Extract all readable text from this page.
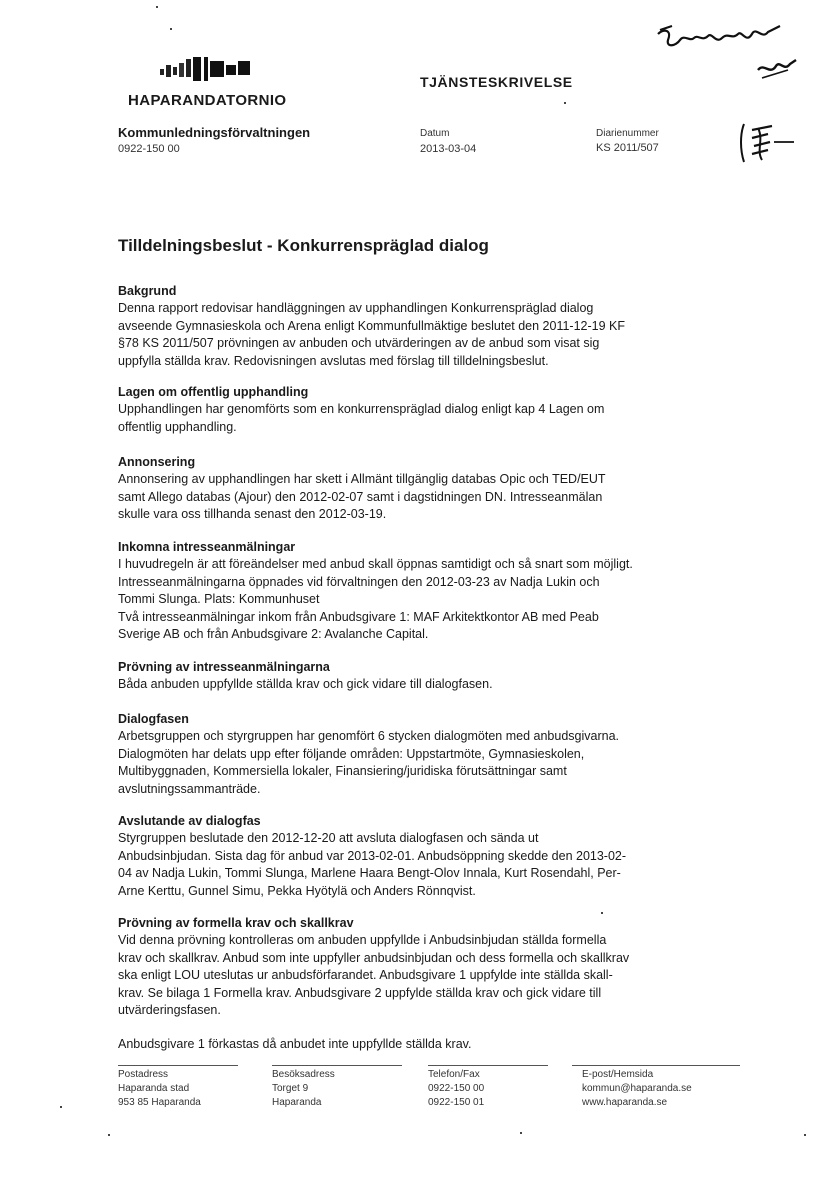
HAPARANDATORNIO
TJÄNSTESKRIVELSE
Kommunledningsförvaltningen
0922-150 00
Datum
2013-03-04
Diarienummer
KS 2011/507
Tilldelningsbeslut - Konkurrenspräglad dialog
Bakgrund

Denna rapport redovisar handläggningen av upphandlingen Konkurrenspräglad dialog
avseende Gymnasieskola och Arena enligt Kommunfullmäktige beslutet den 2011-12-19 KF
§78 KS 2011/507 prövningen av anbuden och utvärderingen av de anbud som visat sig
uppfylla ställda krav. Redovisningen avslutas med förslag till tilldelningsbeslut.

Lagen om offentlig upphandling

Upphandlingen har genomförts som en konkurrenspräglad dialog enligt kap 4 Lagen om
offentlig upphandling.

Annonsering

Annonsering av upphandlingen har skett i Allmänt tillgänglig databas Opic och TED/EUT
samt Allego databas (Ajour) den 2012-02-07 samt i dagstidningen DN. Intresseanmälan
skulle vara oss tillhanda senast den 2012-03-19.

Inkomna intresseanmälningar

I huvudregeln är att föreändelser med anbud skall öppnas samtidigt och så snart som möjligt.
Intresseanmälningarna öppnades vid förvaltningen den 2012-03-23 av Nadja Lukin och
Tommi Slunga. Plats: Kommunhuset
Två intresseanmälningar inkom från Anbudsgivare 1: MAF Arkitektkontor AB med Peab
Sverige AB och från Anbudsgivare 2: Avalanche Capital.

Prövning av intresseanmälningarna

Båda anbuden uppfyllde ställda krav och gick vidare till dialogfasen.

Dialogfasen

Arbetsgruppen och styrgruppen har genomfört 6 stycken dialogmöten med anbudsgivarna.
Dialogmöten har delats upp efter följande områden: Uppstartmöte, Gymnasieskolen,
Multibyggnaden, Kommersiella lokaler, Finansiering/juridiska förutsättningar samt
avslutningssammanträde.

Avslutande av dialogfas

Styrgruppen beslutade den 2012-12-20 att avsluta dialogfasen och sända ut
Anbudsinbjudan. Sista dag för anbud var 2013-02-01. Anbudsöppning skedde den 2013-02-
04 av Nadja Lukin, Tommi Slunga, Marlene Haara Bengt-Olov Innala, Kurt Rosendahl, Per-
Arne Kerttu, Gunnel Simu, Pekka Hyötylä och Anders Rönnqvist.

Prövning av formella krav och skallkrav

Vid denna prövning kontrolleras om anbuden uppfyllde i Anbudsinbjudan ställda formella
krav och skallkrav. Anbud som inte uppfyller anbudsinbjudan och dess formella och skallkrav
ska enligt LOU uteslutas ur anbudsförfarandet. Anbudsgivare 1 uppfylde inte ställda skall-
krav. Se bilaga 1 Formella krav. Anbudsgivare 2 uppfylde ställda krav och gick vidare till
utvärderingsfasen.

Anbudsgivare 1 förkastas då anbudet inte uppfyllde ställda krav.
Postadress
Haparanda stad
953 85 Haparanda
Besöksadress
Torget 9
Haparanda
Telefon/Fax
0922-150 00
0922-150 01
E-post/Hemsida
kommun@haparanda.se
www.haparanda.se
